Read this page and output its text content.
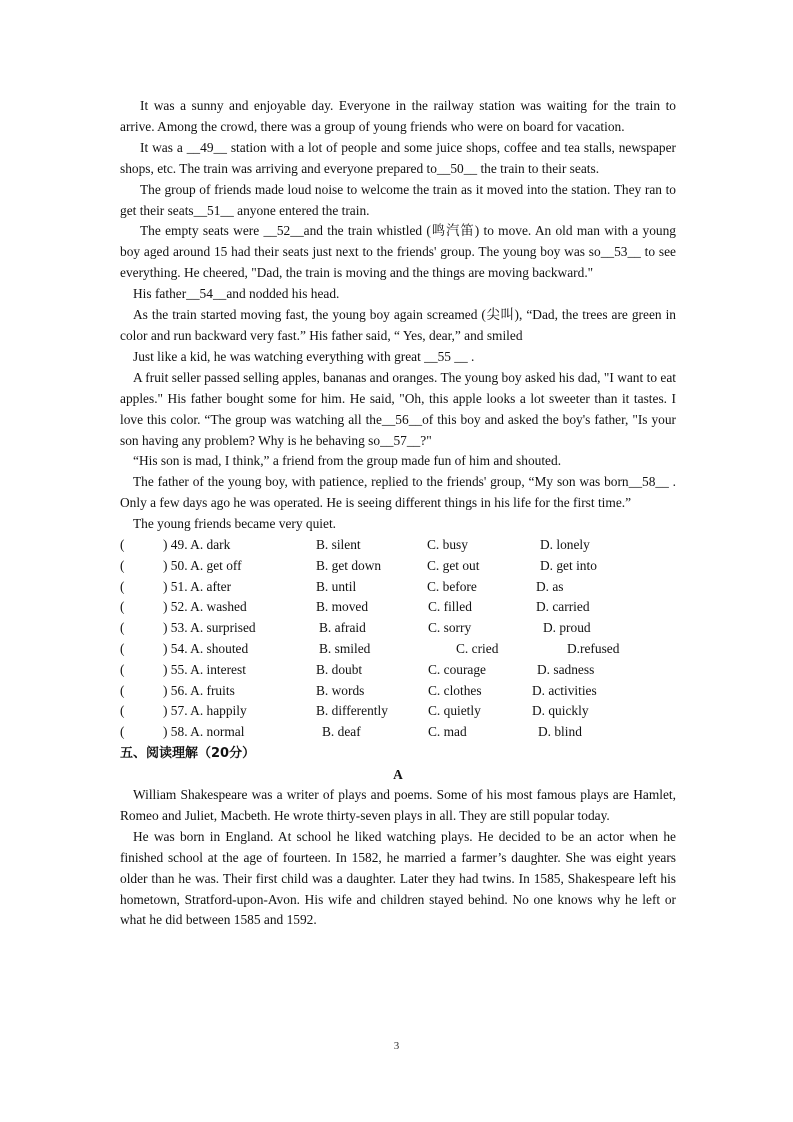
It was a sunny and enjoyable day. Everyone in the railway station was waiting for the train to arrive. Among the crowd, there was a group of young friends who were on board for vacation.

It was a __49__ station with a lot of people and some juice shops, coffee and tea stalls, newspaper shops, etc. The train was arriving and everyone prepared to__50__ the train to their seats.

The group of friends made loud noise to welcome the train as it moved into the station. They ran to get their seats__51__ anyone entered the train.

The empty seats were __52__and the train whistled (鸣汽笛) to move. An old man with a young boy aged around 15 had their seats just next to the friends' group. The young boy was so__53__ to see everything. He cheered, "Dad, the train is moving and the things are moving backward."

His father__54__and nodded his head.

As the train started moving fast, the young boy again screamed (尖叫), “Dad, the trees are green in color and run backward very fast.” His father said, “ Yes, dear,” and smiled

Just like a kid, he was watching everything with great __55 __ .

A fruit seller passed selling apples, bananas and oranges. The young boy asked his dad, "I want to eat apples." His father bought some for him. He said, "Oh, this apple looks a lot sweeter than it tastes. I love this color. “The group was watching all the__56__of this boy and asked the boy's father, "Is your son having any problem? Why is he behaving so__57__?"

“His son is mad, I think,” a friend from the group made fun of him and shouted.

The father of the young boy, with patience, replied to the friends' group, “My son was born__58__ . Only a few days ago he was operated. He is seeing different things in his life for the first time.”

The young friends became very quiet.

(	) 49. A. dark	B. silent	C. busy	D. lonely
(	) 50. A. get off	B. get down	C. get out	D. get into
(	) 51. A. after	B. until	C. before	D. as
(	) 52. A. washed	B. moved	C. filled	D. carried
(	) 53. A. surprised	B. afraid	C. sorry	D. proud
(	) 54. A. shouted	B. smiled	C. cried	D.refused
(	) 55. A. interest	B. doubt	C. courage	D. sadness
(	) 56. A. fruits	B. words	C. clothes	D. activities
(	) 57. A. happily	B. differently	C. quietly	D. quickly
(	) 58. A. normal	B. deaf	C. mad	D. blind

五、阅读理解（20分）

A

William Shakespeare was a writer of plays and poems. Some of his most famous plays are Hamlet, Romeo and Juliet, Macbeth. He wrote thirty-seven plays in all. They are still popular today.

He was born in England. At school he liked watching plays. He decided to be an actor when he finished school at the age of fourteen. In 1582, he married a farmer’s daughter. She was eight years older than he was. Their first child was a daughter. Later they had twins. In 1585, Shakespeare left his hometown, Stratford-upon-Avon. His wife and children stayed behind. No one knows why he left or what he did between 1585 and 1592.

3
